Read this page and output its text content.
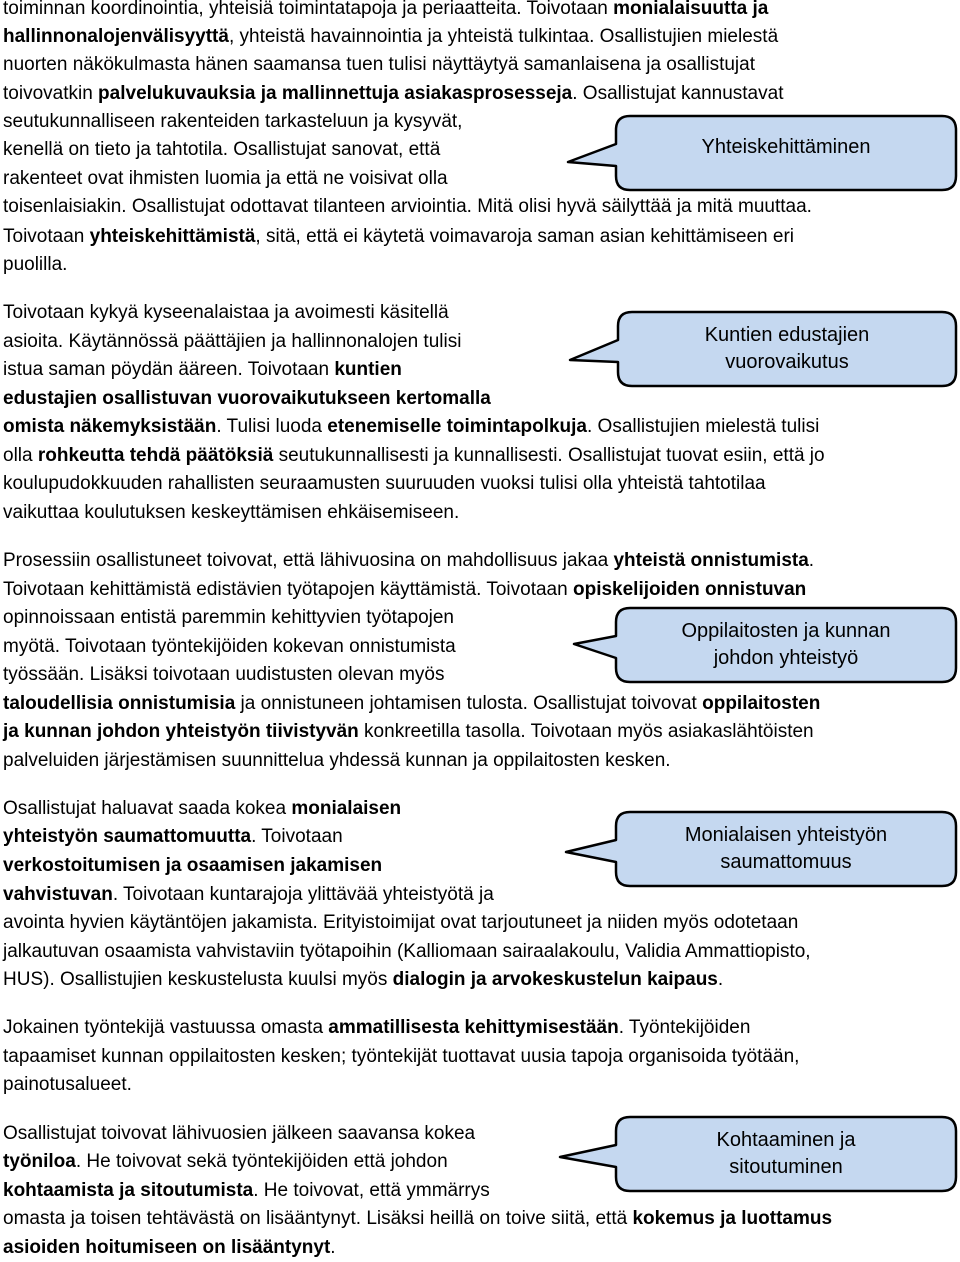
toiminnan koordinointia, yhteisiä toimintatapoja ja periaatteita. Toivotaan monialaisuutta ja

hallinnonalojenvälisyyttä, yhteistä havainnointia ja yhteistä tulkintaa. Osallistujien mielestä

nuorten näkökulmasta hänen saamansa tuen tulisi näyttäytyä samanlaisena ja osallistujat

toivovatkin palvelukuvauksia ja mallinnettuja asiakasprosesseja. Osallistujat kannustavat

seutukunnalliseen rakenteiden tarkasteluun ja kysyvät,

kenellä on tieto ja tahtotila. Osallistujat sanovat, että

rakenteet ovat ihmisten luomia ja että ne voisivat olla

toisenlaisiakin. Osallistujat odottavat tilanteen arviointia. Mitä olisi hyvä säilyttää ja mitä muuttaa.

Toivotaan yhteiskehittämistä, sitä, että ei käytetä voimavaroja saman asian kehittämiseen eri

puolilla.

Toivotaan kykyä kyseenalaistaa ja avoimesti käsitellä

asioita. Käytännössä päättäjien ja hallinnonalojen tulisi

istua saman pöydän ääreen. Toivotaan kuntien

edustajien osallistuvan vuorovaikutukseen kertomalla

omista näkemyksistään. Tulisi luoda etenemiselle toimintapolkuja. Osallistujien mielestä tulisi

olla rohkeutta tehdä päätöksiä seutukunnallisesti ja kunnallisesti. Osallistujat tuovat esiin, että jo

koulupudokkuuden rahallisten seuraamusten suuruuden vuoksi tulisi olla yhteistä tahtotilaa

vaikuttaa koulutuksen keskeyttämisen ehkäisemiseen.

Prosessiin osallistuneet toivovat, että lähivuosina on mahdollisuus jakaa yhteistä onnistumista.

Toivotaan kehittämistä edistävien työtapojen käyttämistä. Toivotaan opiskelijoiden onnistuvan

opinnoissaan entistä paremmin kehittyvien työtapojen

myötä. Toivotaan työntekijöiden kokevan onnistumista

työssään. Lisäksi toivotaan uudistusten olevan myös

taloudellisia onnistumisia ja onnistuneen johtamisen tulosta. Osallistujat toivovat oppilaitosten

ja kunnan johdon yhteistyön tiivistyvän konkreetilla tasolla. Toivotaan myös asiakaslähtöisten

palveluiden järjestämisen suunnittelua yhdessä kunnan ja oppilaitosten kesken.

Osallistujat haluavat saada kokea monialaisen

yhteistyön saumattomuutta. Toivotaan

verkostoitumisen ja osaamisen jakamisen

vahvistuvan. Toivotaan kuntarajoja ylittävää yhteistyötä ja

avointa hyvien käytäntöjen jakamista. Erityistoimijat ovat tarjoutuneet ja niiden myös odotetaan

jalkautuvan osaamista vahvistaviin työtapoihin (Kalliomaan sairaalakoulu, Validia Ammattiopisto,

HUS). Osallistujien keskustelusta kuulsi myös dialogin ja arvokeskustelun kaipaus.

Jokainen työntekijä vastuussa omasta ammatillisesta kehittymisestään. Työntekijöiden

tapaamiset kunnan oppilaitosten kesken; työntekijät tuottavat uusia tapoja organisoida työtään,

painotusalueet.

Osallistujat toivovat lähivuosien jälkeen saavansa kokea

työniloa. He toivovat sekä työntekijöiden että johdon

kohtaamista ja sitoutumista. He toivovat, että ymmärrys

omasta ja toisen tehtävästä on lisääntynyt. Lisäksi heillä on toive siitä, että kokemus ja luottamus

asioiden hoitumiseen on lisääntynyt.

Yhteiskehittäminen
Kuntien edustajien
vuorovaikutus
Oppilaitosten ja kunnan
johdon yhteistyö
Monialaisen yhteistyön
saumattomuus
Kohtaaminen ja
sitoutuminen
